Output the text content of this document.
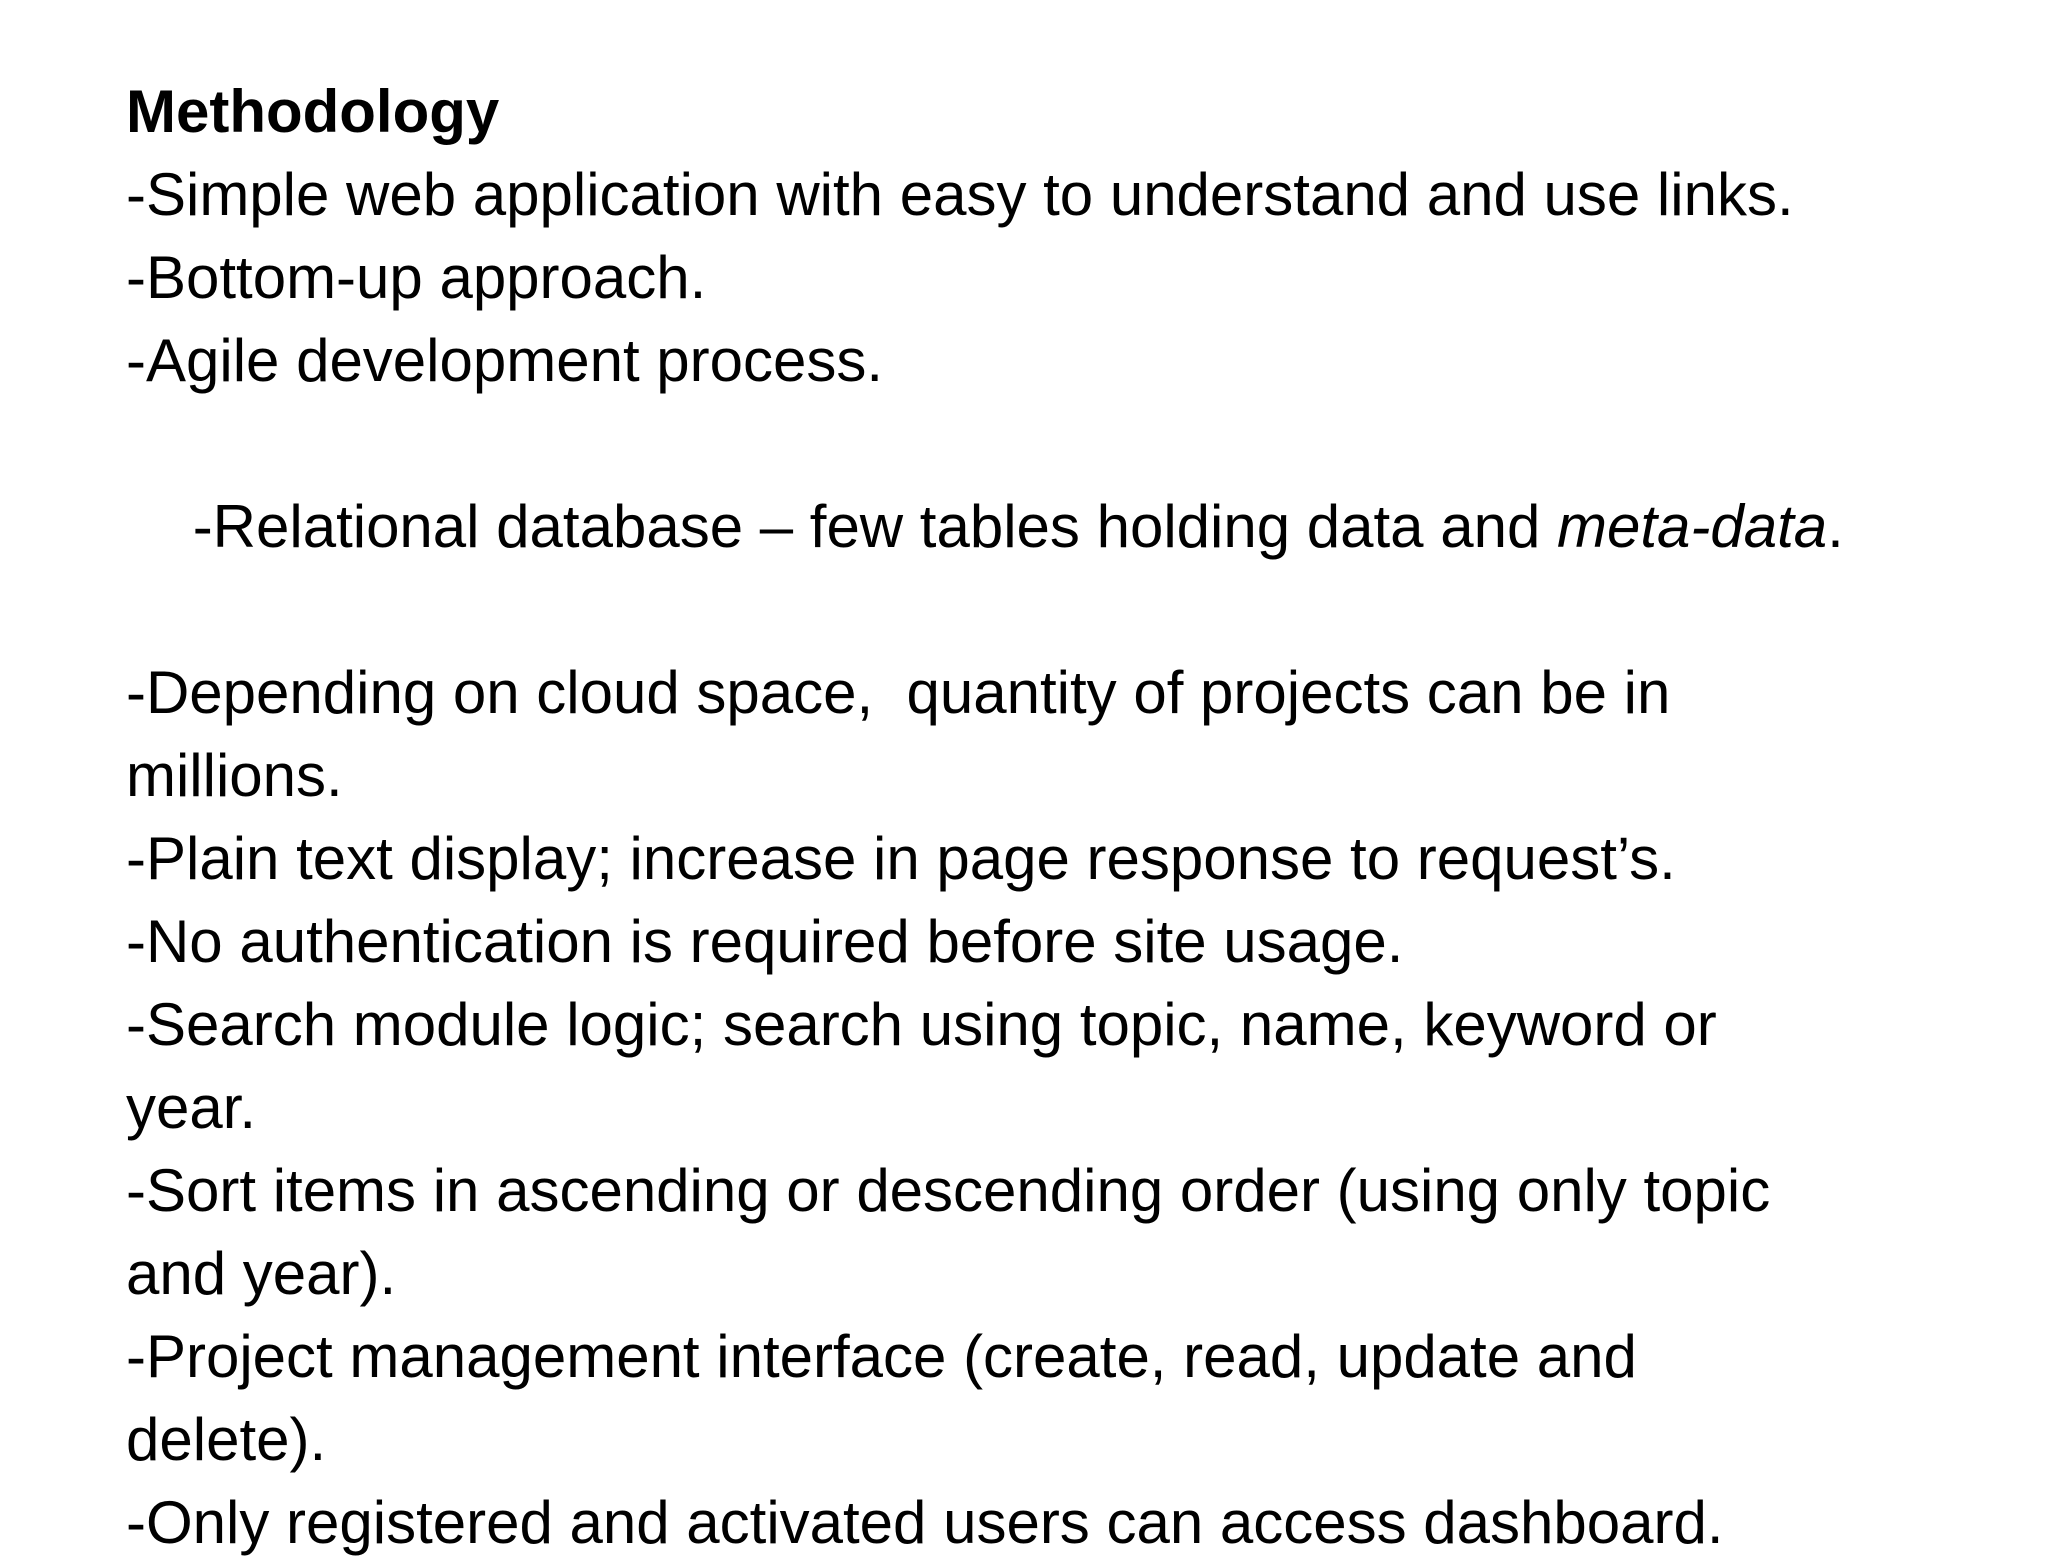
Methodology
-Simple web application with easy to understand and use links.
-Bottom-up approach.
-Agile development process.

-Relational database – few tables holding data and meta-data.

-Depending on cloud space,  quantity of projects can be in
millions.
-Plain text display; increase in page response to request’s.
-No authentication is required before site usage.
-Search module logic; search using topic, name, keyword or
year.
-Sort items in ascending or descending order (using only topic
and year).
-Project management interface (create, read, update and
delete).
-Only registered and activated users can access dashboard.
